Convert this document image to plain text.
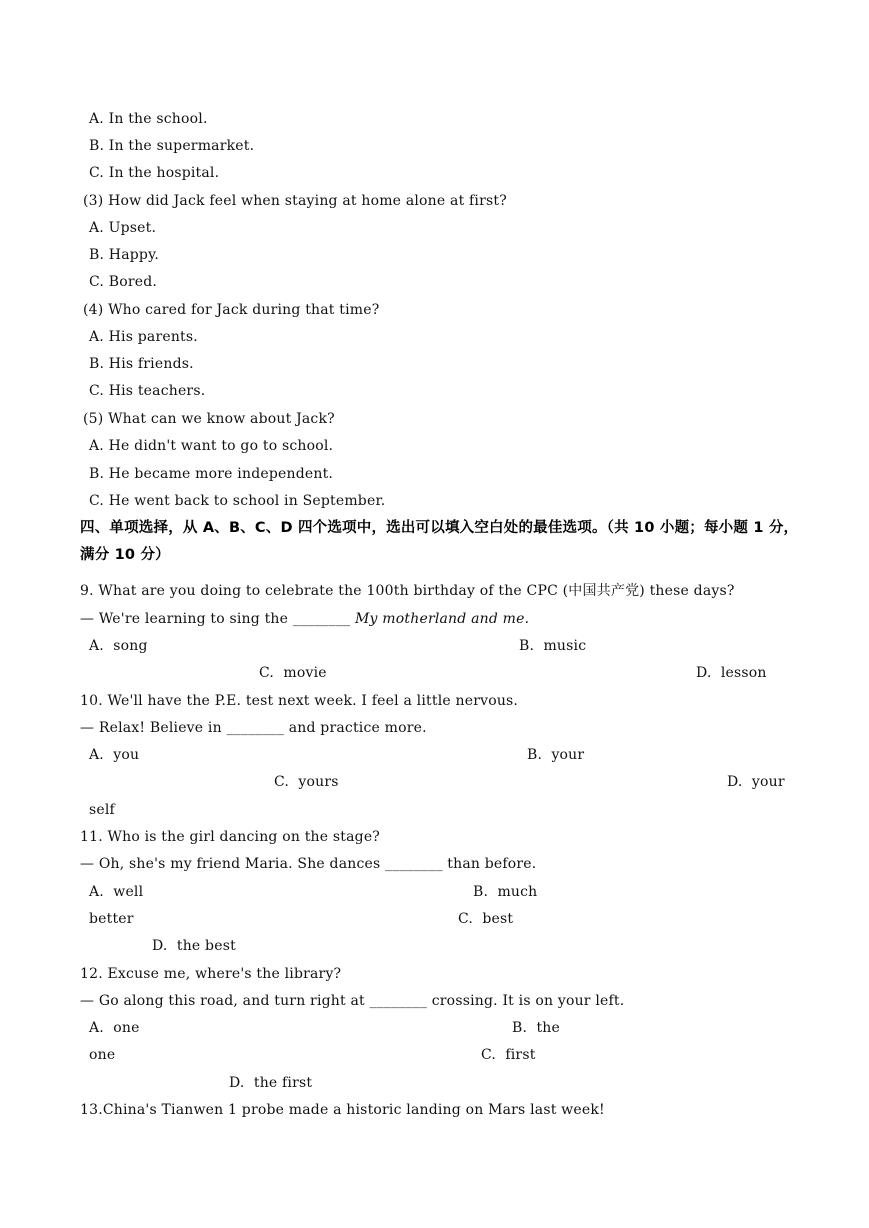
A. In the school.
B. In the supermarket.
C. In the hospital.
(3) How did Jack feel when staying at home alone at first?
A. Upset.
B. Happy.
C. Bored.
(4) Who cared for Jack during that time?
A. His parents.
B. His friends.
C. His teachers.
(5) What can we know about Jack?
A. He didn't want to go to school.
B. He became more independent.
C. He went back to school in September.
四、单项选择，从 A、B、C、D 四个选项中，选出可以填入空白处的最佳选项。（共 10 小题；每小题 1 分，
满分 10 分）
9. What are you doing to celebrate the 100th birthday of the CPC (中国共产党) these days?
— We're learning to sing the ________ My motherland and me.
A.  song	B.  music
C.  movie	D.  lesson
10. We'll have the P.E. test next week. I feel a little nervous.
— Relax! Believe in ________ and practice more.
A.  you	B.  your
C.  yours	D.  your
self
11. Who is the girl dancing on the stage?
— Oh, she's my friend Maria. She dances ________ than before.
A.  well	B.  much
better	C.  best
D.  the best
12. Excuse me, where's the library?
— Go along this road, and turn right at ________ crossing. It is on your left.
A.  one	B.  the
one	C.  first
D.  the first
13.China's Tianwen 1 probe made a historic landing on Mars last week!
